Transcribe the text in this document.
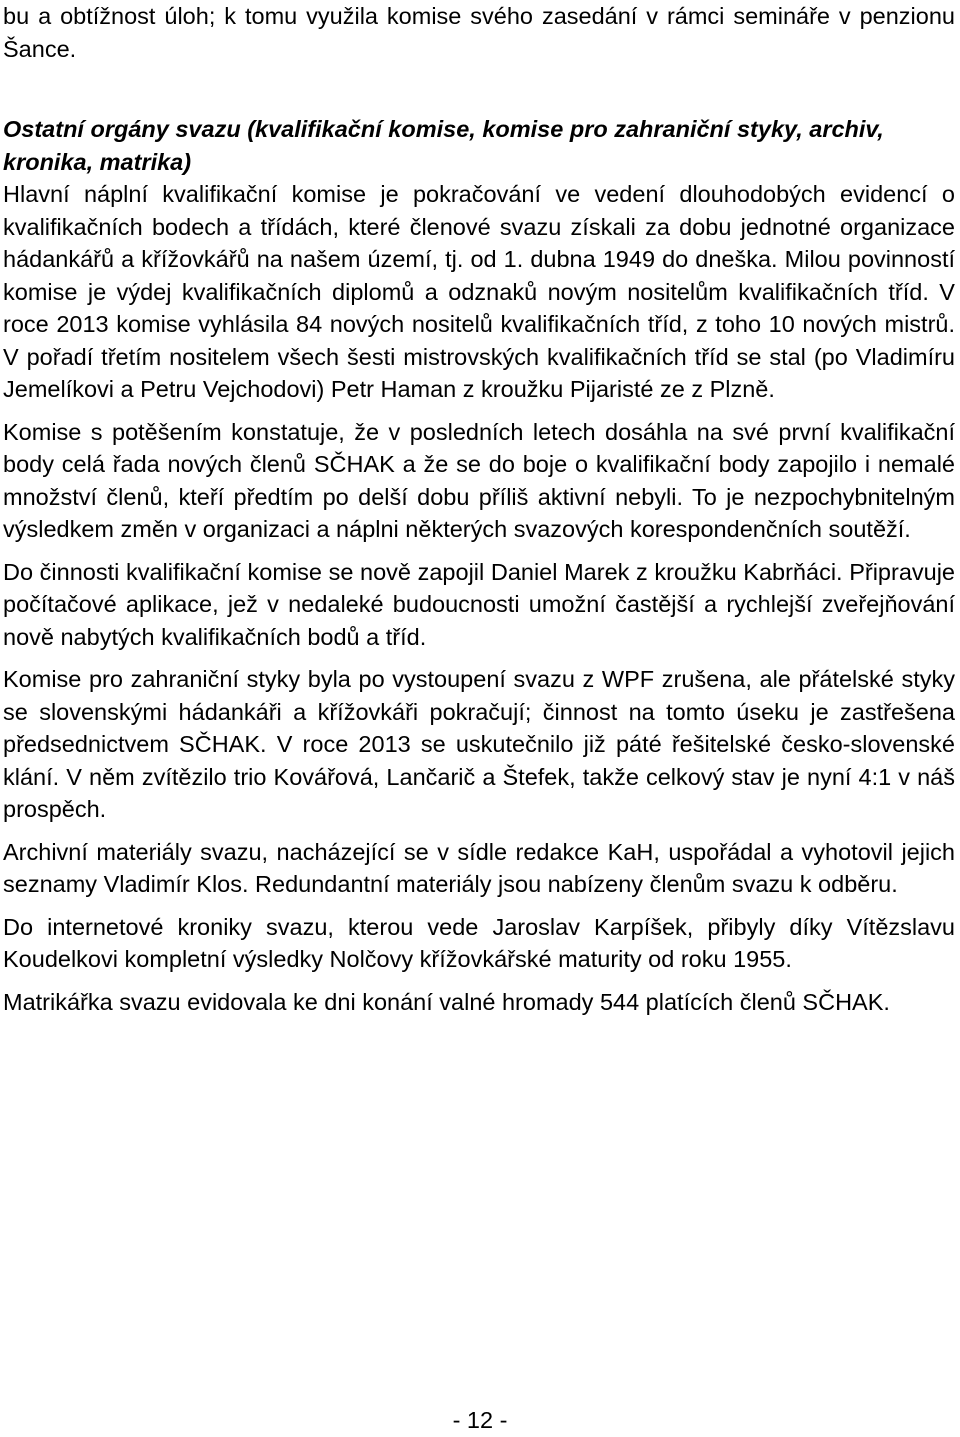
bu a obtížnost úloh; k tomu využila komise svého zasedání v rámci semináře v penzionu Šance.

Ostatní orgány svazu (kvalifikační komise, komise pro zahraniční styky, archiv, kronika, matrika)

Hlavní náplní kvalifikační komise je pokračování ve vedení dlouhodobých evidencí o kvalifikačních bodech a třídách, které členové svazu získali za dobu jednotné organizace hádankářů a křížovkářů na našem území, tj. od 1. dubna 1949 do dneška. Milou povinností komise je výdej kvalifikačních diplomů a odznaků novým nositelům kvalifikačních tříd. V roce 2013 komise vyhlásila 84 nových nositelů kvalifikačních tříd, z toho 10 nových mistrů. V pořadí třetím nositelem všech šesti mistrovských kvalifikačních tříd se stal (po Vladimíru Jemelíkovi a Petru Vejchodovi) Petr Haman z kroužku Pijaristé ze z Plzně.

Komise s potěšením konstatuje, že v posledních letech dosáhla na své první kvalifikační body celá řada nových členů SČHAK a že se do boje o kvalifikační body zapojilo i nemalé množství členů, kteří předtím po delší dobu příliš aktivní nebyli. To je nezpochybnitelným výsledkem změn v organizaci a náplni některých svazových korespondenčních soutěží.

Do činnosti kvalifikační komise se nově zapojil Daniel Marek z kroužku Kabrňáci. Připravuje počítačové aplikace, jež v nedaleké budoucnosti umožní častější a rychlejší zveřejňování nově nabytých kvalifikačních bodů a tříd.

Komise pro zahraniční styky byla po vystoupení svazu z WPF zrušena, ale přátelské styky se slovenskými hádankáři a křížovkáři pokračují; činnost na tomto úseku je zastřešena předsednictvem SČHAK. V roce 2013 se uskutečnilo již páté řešitelské česko-slovenské klání. V něm zvítězilo trio Kovářová, Lančarič a Štefek, takže celkový stav je nyní 4:1 v náš prospěch.

Archivní materiály svazu, nacházející se v sídle redakce KaH, uspořádal a vyhotovil jejich seznamy Vladimír Klos. Redundantní materiály jsou nabízeny členům svazu k odběru.

Do internetové kroniky svazu, kterou vede Jaroslav Karpíšek, přibyly díky Vítězslavu Koudelkovi kompletní výsledky Nolčovy křížovkářské maturity od roku 1955.

Matrikářka svazu evidovala ke dni konání valné hromady 544 platících členů SČHAK.

- 12 -
